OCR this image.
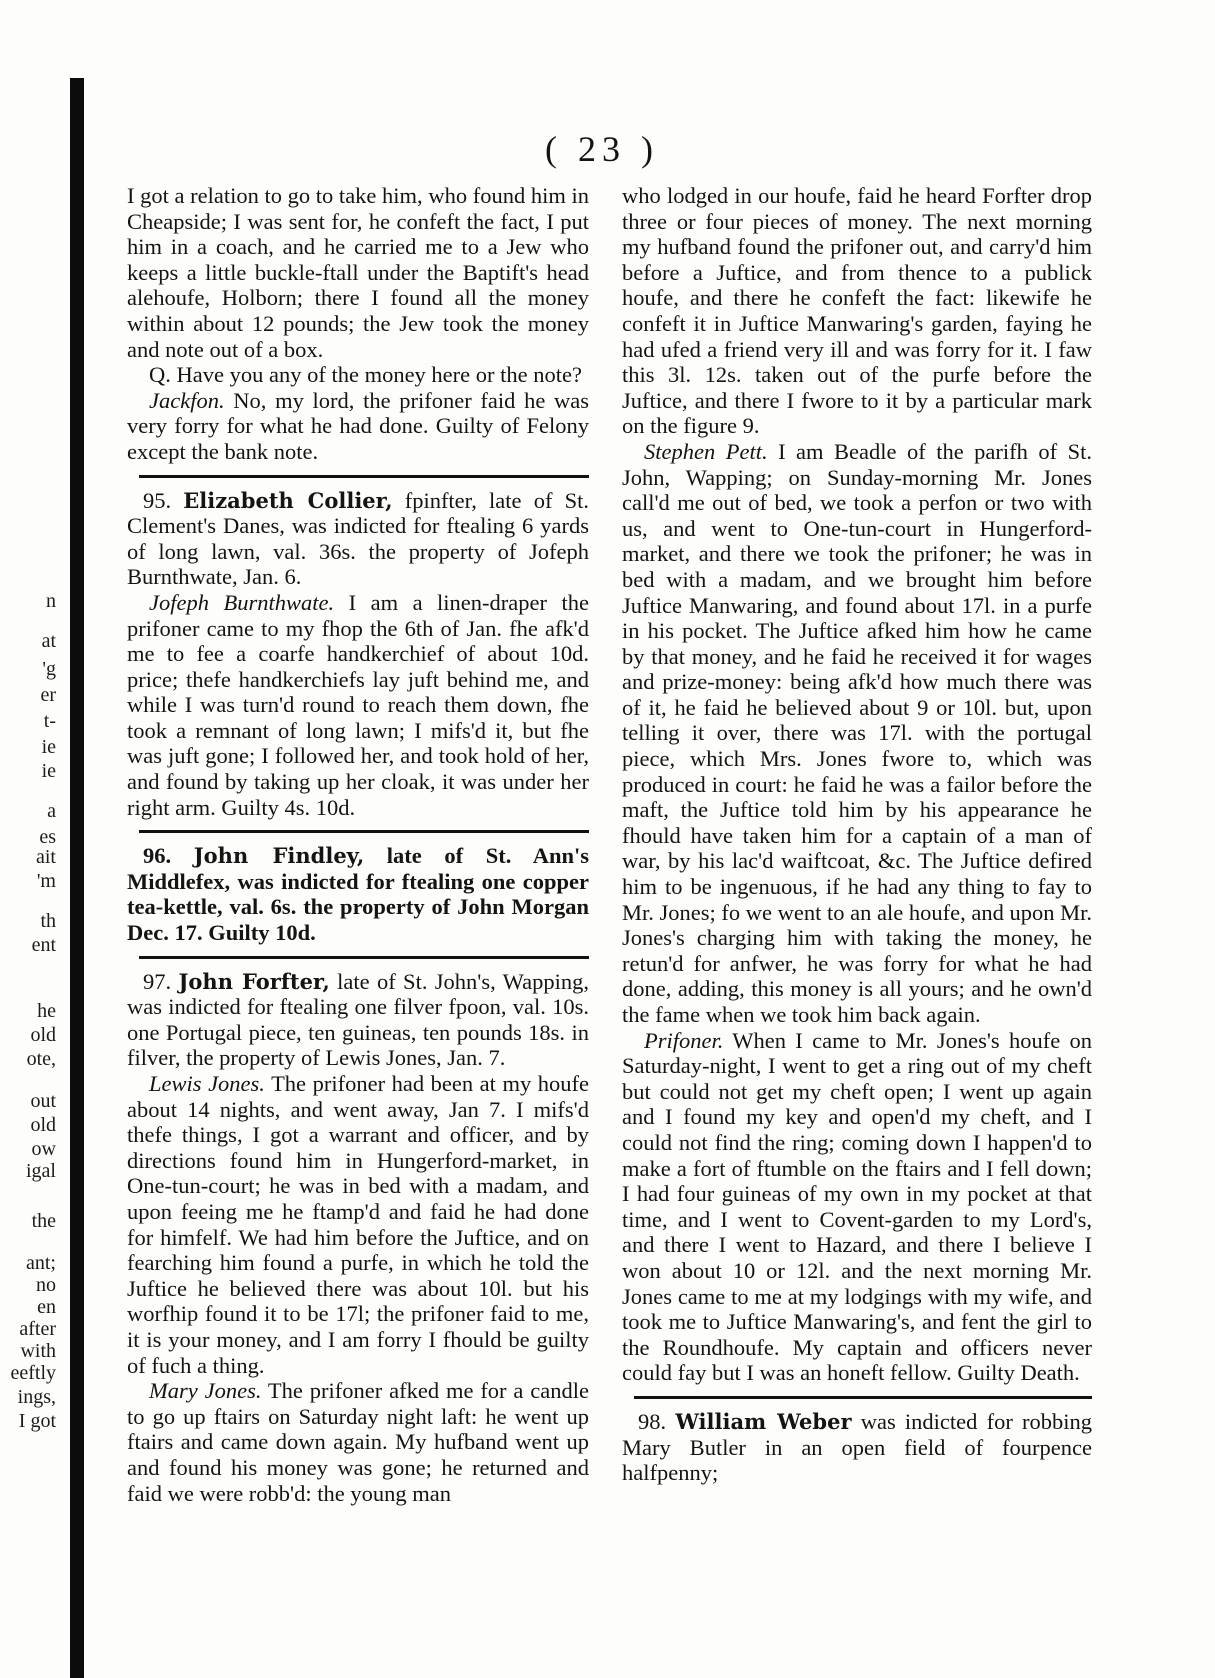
n
at
'g
er
t-
ie
ie
a
es
ait
'm
th
ent
he
old
ote,
out
old
ow
igal
the
ant;
no
en
after
with
eeftly
ings,
I got
( 23 )

I got a relation to go to take him, who found him in Cheapside; I was sent for, he confeft the fact, I put him in a coach, and he carried me to a Jew who keeps a little buckle-ftall under the Baptift's head alehoufe, Holborn; there I found all the money within about 12 pounds; the Jew took the money and note out of a box.

Q. Have you any of the money here or the note?

Jackfon. No, my lord, the prifoner faid he was very forry for what he had done. Guilty of Felony except the bank note.

95. Elizabeth Collier, fpinfter, late of St. Clement's Danes, was indicted for ftealing 6 yards of long lawn, val. 36s. the property of Jofeph Burnthwate, Jan. 6.

Jofeph Burnthwate. I am a linen-draper the prifoner came to my fhop the 6th of Jan. fhe afk'd me to fee a coarfe handkerchief of about 10d. price; thefe handkerchiefs lay juft behind me, and while I was turn'd round to reach them down, fhe took a remnant of long lawn; I mifs'd it, but fhe was juft gone; I followed her, and took hold of her, and found by taking up her cloak, it was under her right arm. Guilty 4s. 10d.

96. John Findley, late of St. Ann's Middlefex, was indicted for ftealing one copper tea-kettle, val. 6s. the property of John Morgan Dec. 17. Guilty 10d.

97. John Forfter, late of St. John's, Wapping, was indicted for ftealing one filver fpoon, val. 10s. one Portugal piece, ten guineas, ten pounds 18s. in filver, the property of Lewis Jones, Jan. 7.

Lewis Jones. The prifoner had been at my houfe about 14 nights, and went away, Jan 7. I mifs'd thefe things, I got a warrant and officer, and by directions found him in Hungerford-market, in One-tun-court; he was in bed with a madam, and upon feeing me he ftamp'd and faid he had done for himfelf. We had him before the Juftice, and on fearching him found a purfe, in which he told the Juftice he believed there was about 10l. but his worfhip found it to be 17l; the prifoner faid to me, it is your money, and I am forry I fhould be guilty of fuch a thing.

Mary Jones. The prifoner afked me for a candle to go up ftairs on Saturday night laft: he went up ftairs and came down again. My hufband went up and found his money was gone; he returned and faid we were robb'd: the young man

who lodged in our houfe, faid he heard Forfter drop three or four pieces of money. The next morning my hufband found the prifoner out, and carry'd him before a Juftice, and from thence to a publick houfe, and there he confeft the fact: likewife he confeft it in Juftice Manwaring's garden, faying he had ufed a friend very ill and was forry for it. I faw this 3l. 12s. taken out of the purfe before the Juftice, and there I fwore to it by a particular mark on the figure 9.

Stephen Pett. I am Beadle of the parifh of St. John, Wapping; on Sunday-morning Mr. Jones call'd me out of bed, we took a perfon or two with us, and went to One-tun-court in Hungerford-market, and there we took the prifoner; he was in bed with a madam, and we brought him before Juftice Manwaring, and found about 17l. in a purfe in his pocket. The Juftice afked him how he came by that money, and he faid he received it for wages and prize-money: being afk'd how much there was of it, he faid he believed about 9 or 10l. but, upon telling it over, there was 17l. with the portugal piece, which Mrs. Jones fwore to, which was produced in court: he faid he was a failor before the maft, the Juftice told him by his appearance he fhould have taken him for a captain of a man of war, by his lac'd waiftcoat, &c. The Juftice defired him to be ingenuous, if he had any thing to fay to Mr. Jones; fo we went to an ale houfe, and upon Mr. Jones's charging him with taking the money, he retun'd for anfwer, he was forry for what he had done, adding, this money is all yours; and he own'd the fame when we took him back again.

Prifoner. When I came to Mr. Jones's houfe on Saturday-night, I went to get a ring out of my cheft but could not get my cheft open; I went up again and I found my key and open'd my cheft, and I could not find the ring; coming down I happen'd to make a fort of ftumble on the ftairs and I fell down; I had four guineas of my own in my pocket at that time, and I went to Covent-garden to my Lord's, and there I went to Hazard, and there I believe I won about 10 or 12l. and the next morning Mr. Jones came to me at my lodgings with my wife, and took me to Juftice Manwaring's, and fent the girl to the Roundhoufe. My captain and officers never could fay but I was an honeft fellow. Guilty Death.

98. William Weber was indicted for robbing Mary Butler in an open field of fourpence halfpenny;
